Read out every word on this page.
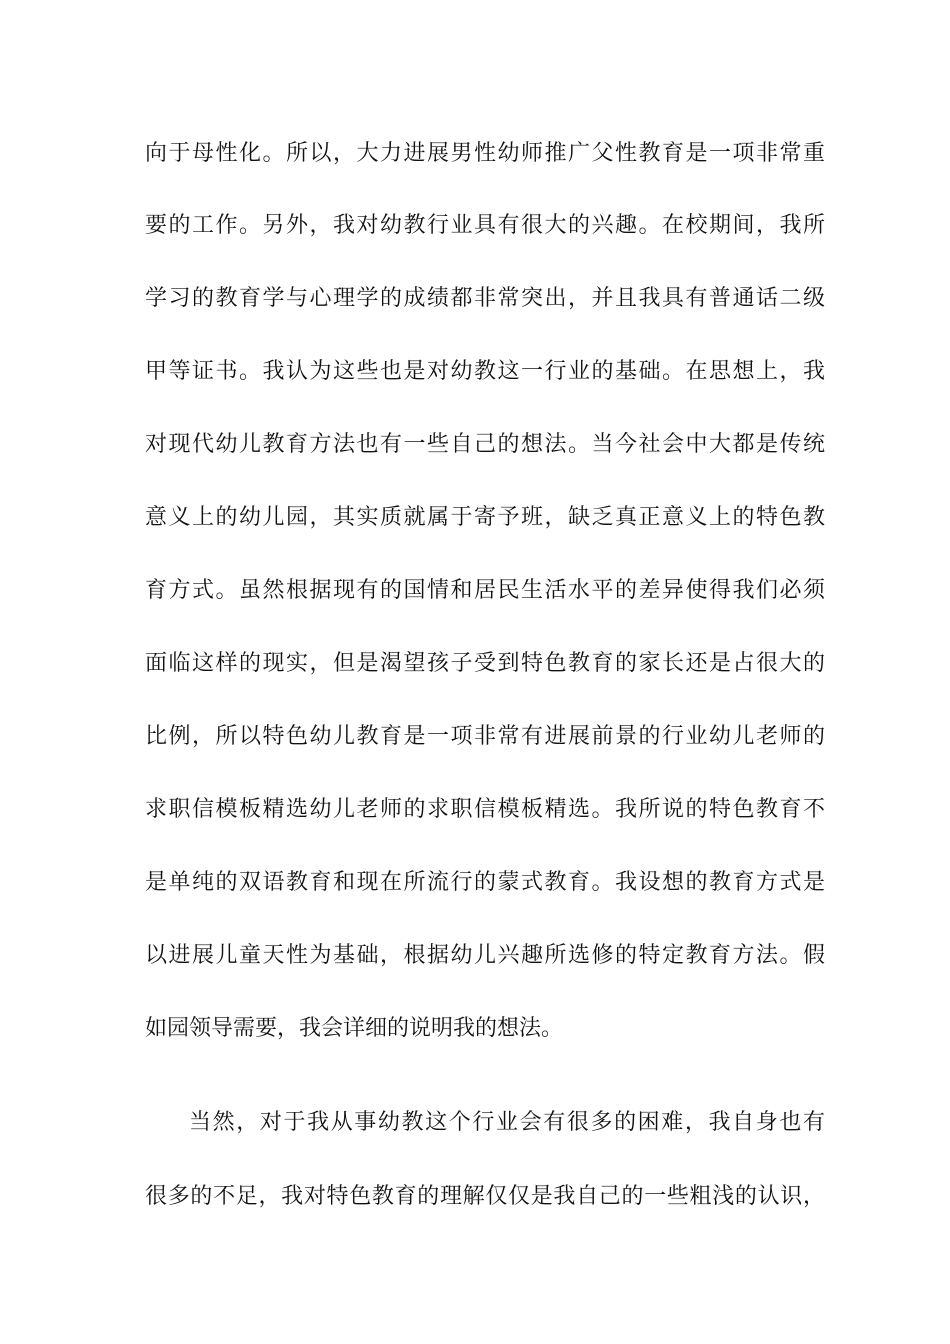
向于母性化。所以，大力进展男性幼师推广父性教育是一项非常重
要的工作。另外，我对幼教行业具有很大的兴趣。在校期间，我所
学习的教育学与心理学的成绩都非常突出，并且我具有普通话二级
甲等证书。我认为这些也是对幼教这一行业的基础。在思想上，我
对现代幼儿教育方法也有一些自己的想法。当今社会中大都是传统
意义上的幼儿园，其实质就属于寄予班，缺乏真正意义上的特色教
育方式。虽然根据现有的国情和居民生活水平的差异使得我们必须
面临这样的现实，但是渴望孩子受到特色教育的家长还是占很大的
比例，所以特色幼儿教育是一项非常有进展前景的行业幼儿老师的
求职信模板精选幼儿老师的求职信模板精选。我所说的特色教育不
是单纯的双语教育和现在所流行的蒙式教育。我设想的教育方式是
以进展儿童天性为基础，根据幼儿兴趣所选修的特定教育方法。假
如园领导需要，我会详细的说明我的想法。
当然，对于我从事幼教这个行业会有很多的困难，我自身也有
很多的不足，我对特色教育的理解仅仅是我自己的一些粗浅的认识，
